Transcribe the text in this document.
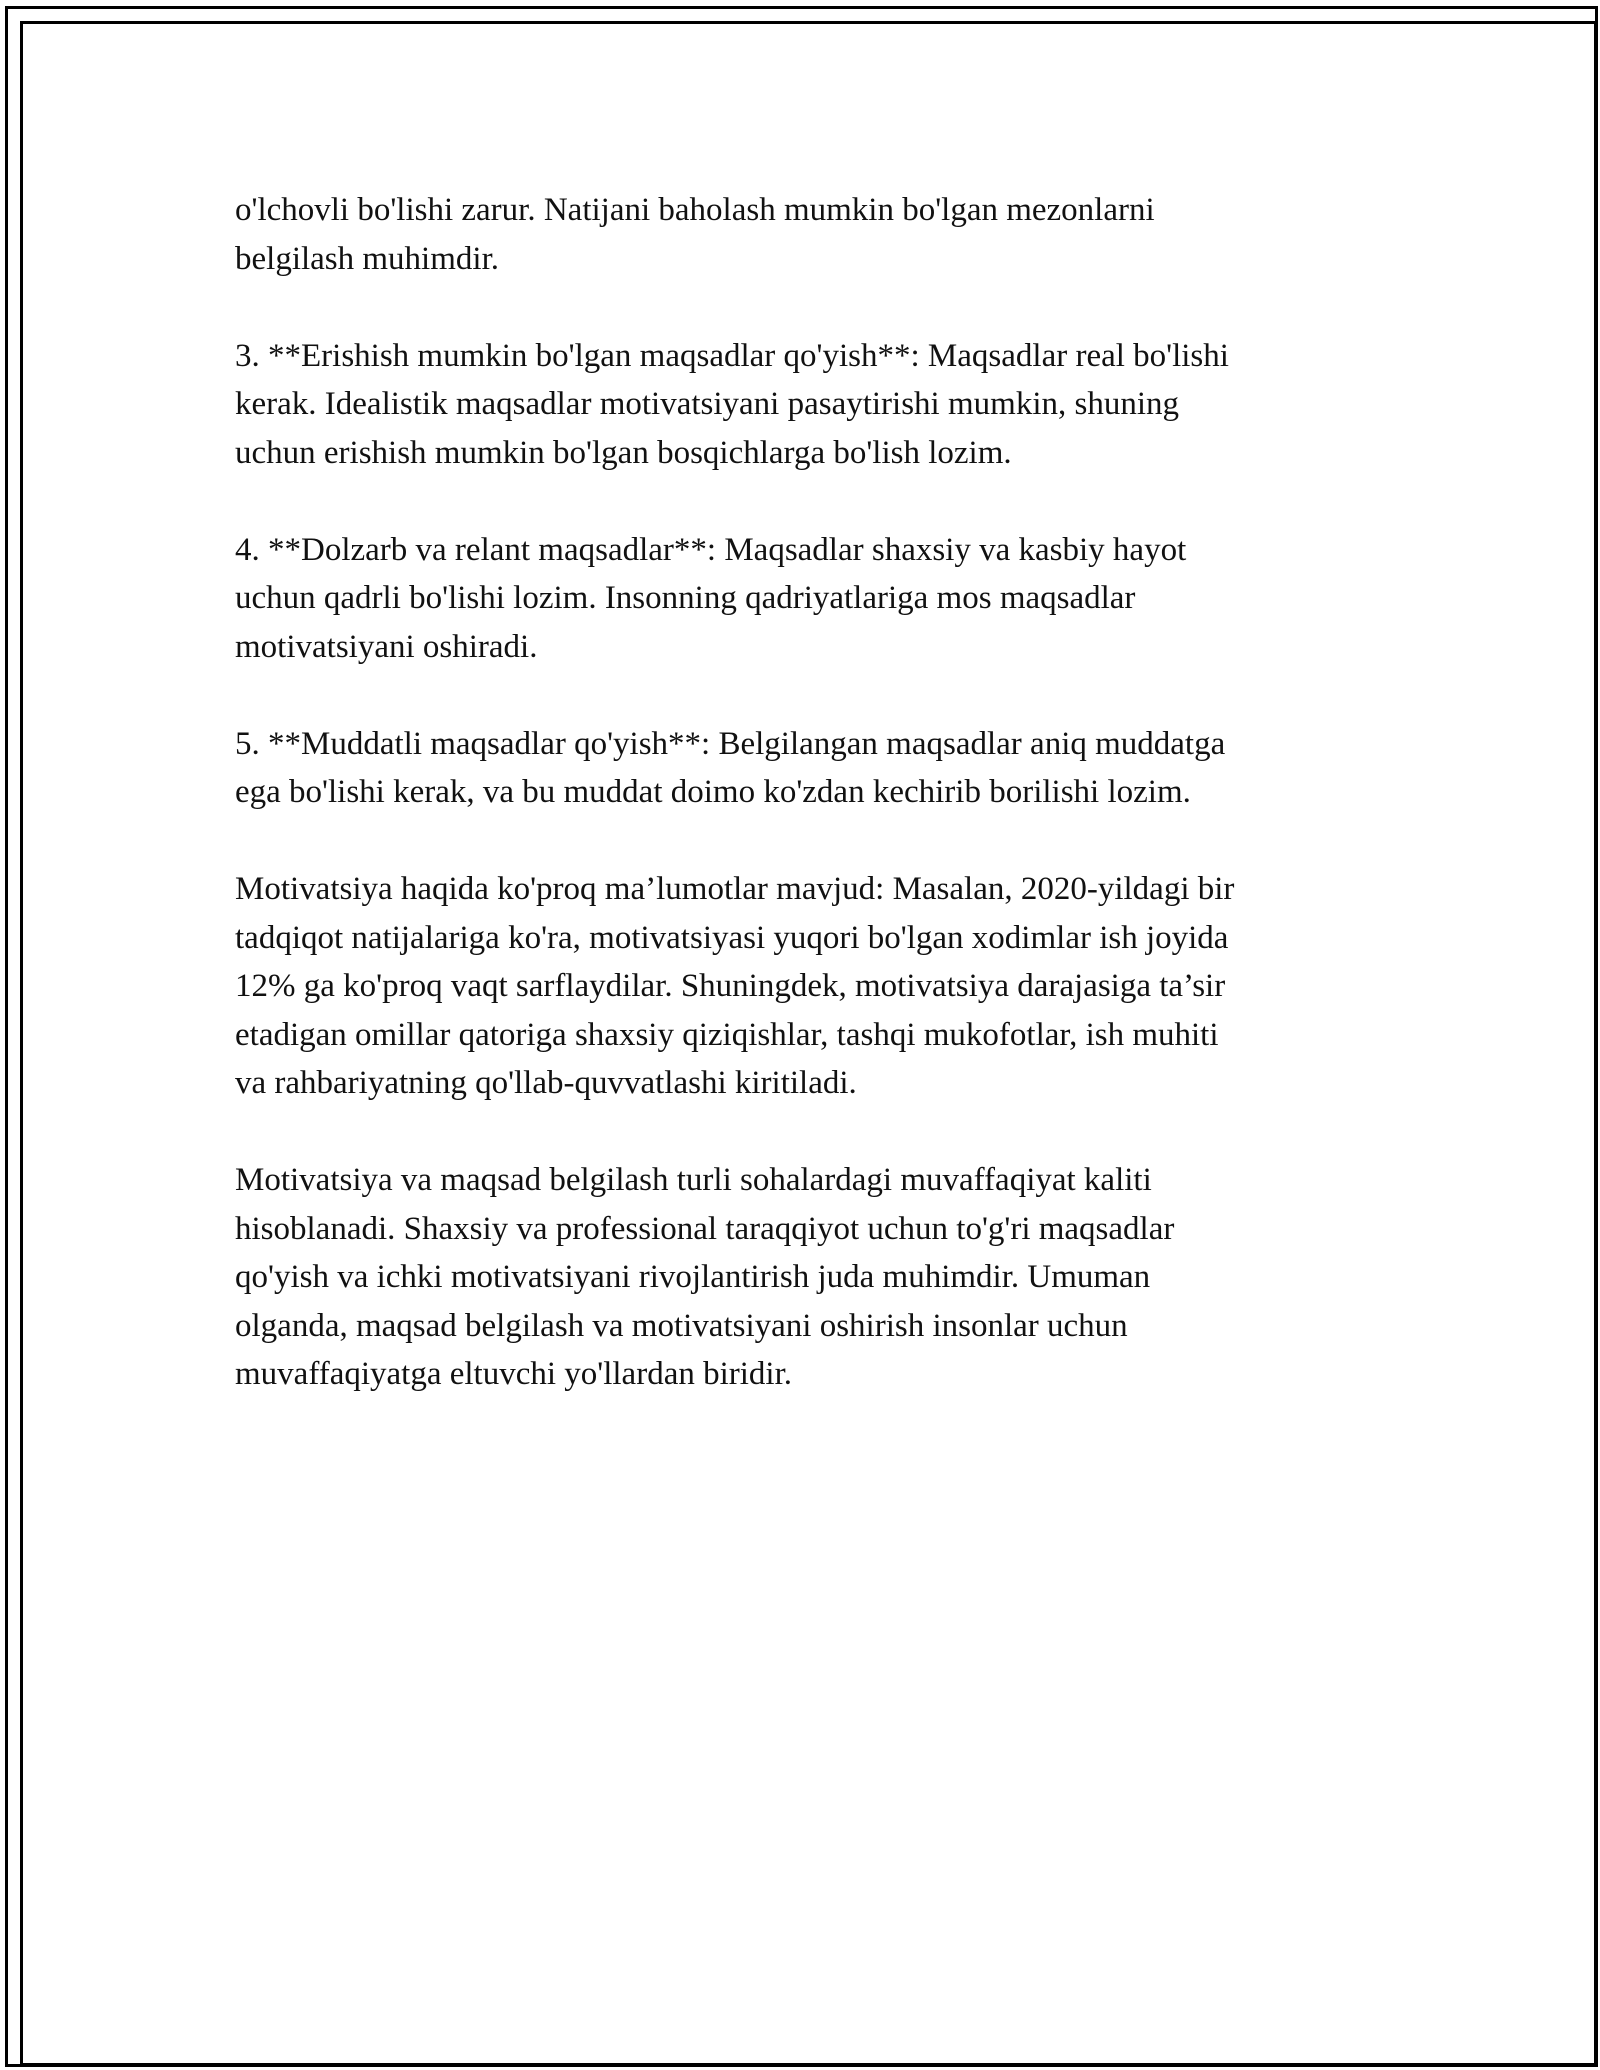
o'lchovli bo'lishi zarur. Natijani baholash mumkin bo'lgan mezonlarni
belgilash muhimdir.

3. **Erishish mumkin bo'lgan maqsadlar qo'yish**: Maqsadlar real bo'lishi
kerak. Idealistik maqsadlar motivatsiyani pasaytirishi mumkin, shuning
uchun erishish mumkin bo'lgan bosqichlarga bo'lish lozim.

4. **Dolzarb va relant maqsadlar**: Maqsadlar shaxsiy va kasbiy hayot
uchun qadrli bo'lishi lozim. Insonning qadriyatlariga mos maqsadlar
motivatsiyani oshiradi.

5. **Muddatli maqsadlar qo'yish**: Belgilangan maqsadlar aniq muddatga
ega bo'lishi kerak, va bu muddat doimo ko'zdan kechirib borilishi lozim.

Motivatsiya haqida ko'proq ma’lumotlar mavjud: Masalan, 2020-yildagi bir
tadqiqot natijalariga ko'ra, motivatsiyasi yuqori bo'lgan xodimlar ish joyida
12% ga ko'proq vaqt sarflaydilar. Shuningdek, motivatsiya darajasiga ta’sir
etadigan omillar qatoriga shaxsiy qiziqishlar, tashqi mukofotlar, ish muhiti
va rahbariyatning qo'llab-quvvatlashi kiritiladi.

Motivatsiya va maqsad belgilash turli sohalardagi muvaffaqiyat kaliti
hisoblanadi. Shaxsiy va professional taraqqiyot uchun to'g'ri maqsadlar
qo'yish va ichki motivatsiyani rivojlantirish juda muhimdir. Umuman
olganda, maqsad belgilash va motivatsiyani oshirish insonlar uchun
muvaffaqiyatga eltuvchi yo'llardan biridir.
